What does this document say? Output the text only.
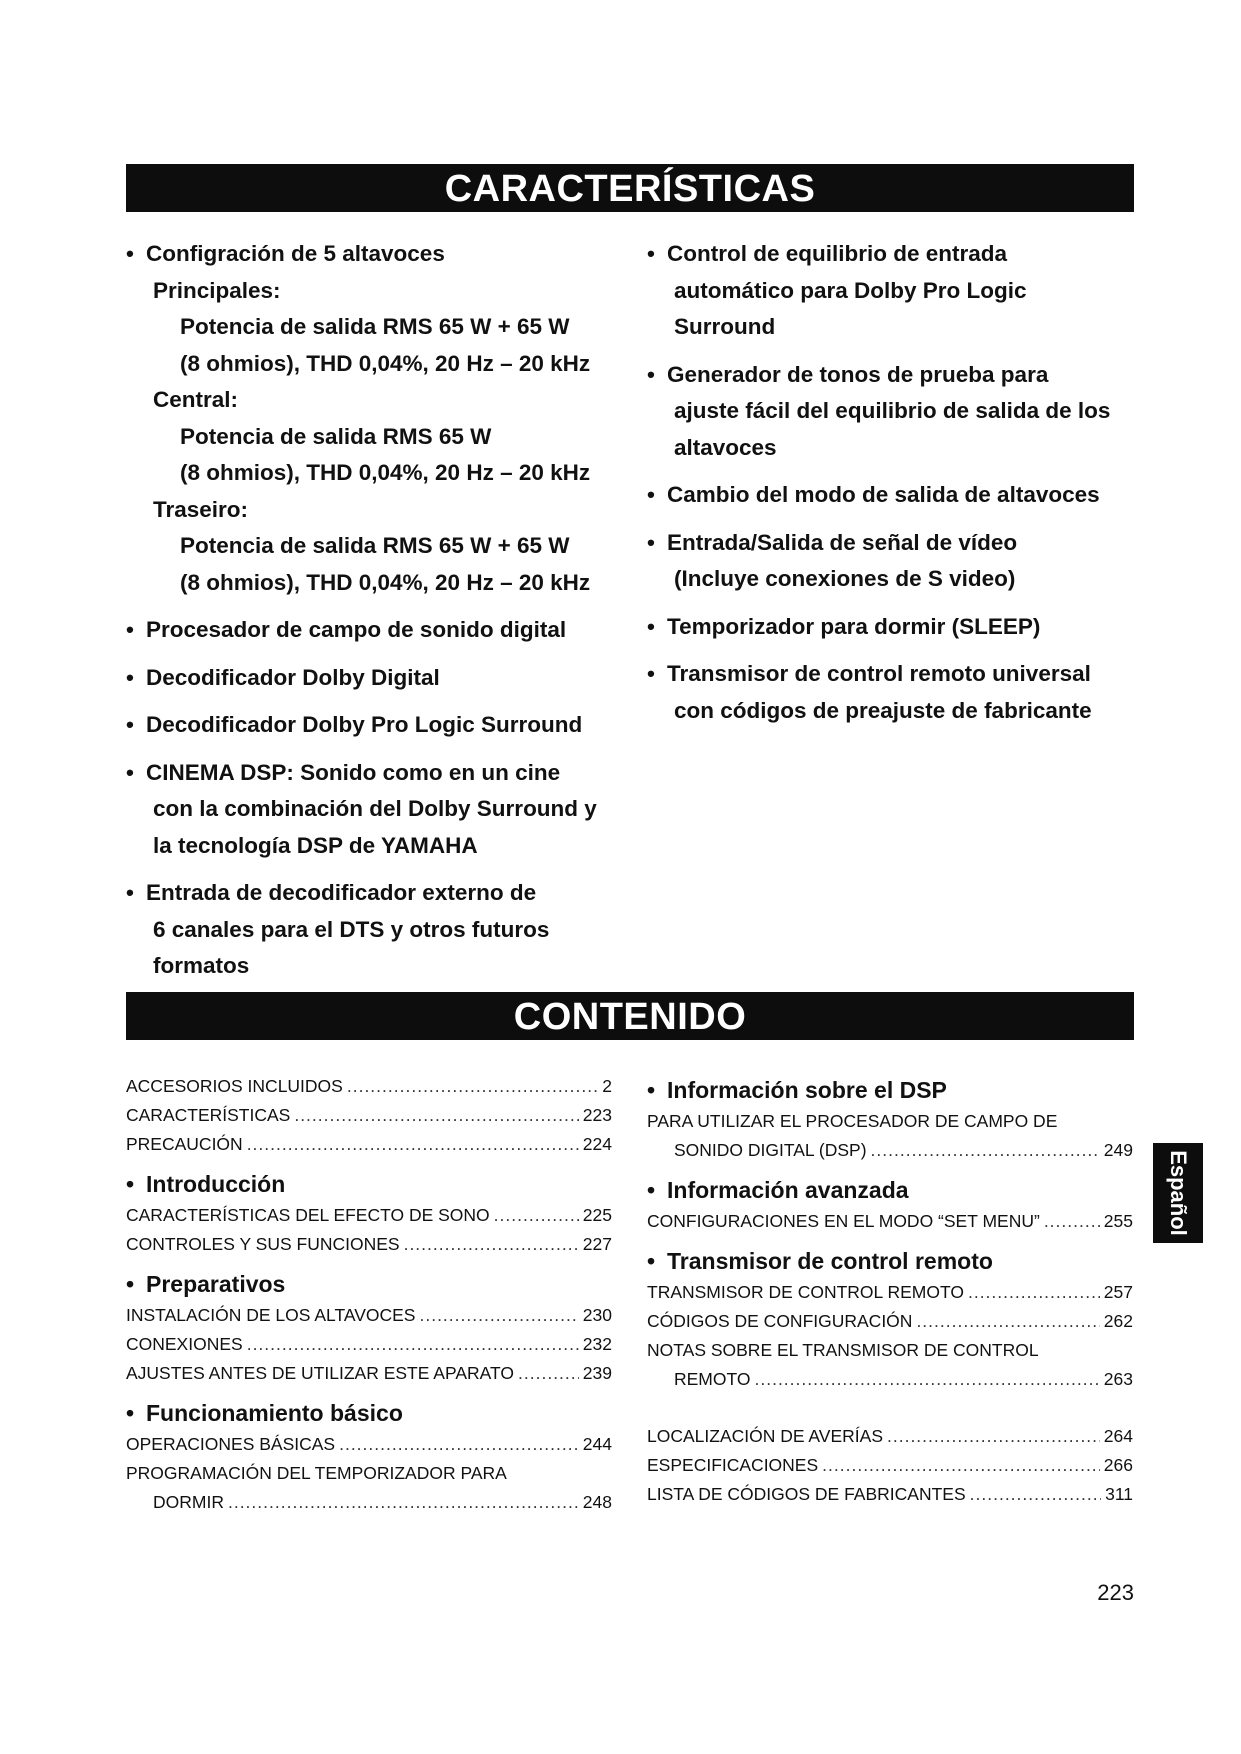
CARACTERÍSTICAS
• Configración de 5 altavoces
Principales:
Potencia de salida RMS 65 W + 65 W
(8 ohmios), THD 0,04%, 20 Hz – 20 kHz
Central:
Potencia de salida RMS 65 W
(8 ohmios), THD 0,04%, 20 Hz – 20 kHz
Traseiro:
Potencia de salida RMS 65 W + 65 W
(8 ohmios), THD 0,04%, 20 Hz – 20 kHz
• Procesador de campo de sonido digital
• Decodificador Dolby Digital
• Decodificador Dolby Pro Logic Surround
• CINEMA DSP: Sonido como en un cine
con la combinación del Dolby Surround y
la tecnología DSP de YAMAHA
• Entrada de decodificador externo de
6 canales para el DTS y otros futuros
formatos
• Control de equilibrio de entrada
automático para Dolby Pro Logic
Surround
• Generador de tonos de prueba para
ajuste fácil del equilibrio de salida de los
altavoces
• Cambio del modo de salida de altavoces
• Entrada/Salida de señal de vídeo
(Incluye conexiones de S video)
• Temporizador para dormir (SLEEP)
• Transmisor de control remoto universal
con códigos de preajuste de fabricante
CONTENIDO
ACCESORIOS INCLUIDOS .....	2
CARACTERÍSTICAS .....	223
PRECAUCIÓN .....	224
• Introducción
CARACTERÍSTICAS DEL EFECTO DE SONO .....	225
CONTROLES Y SUS FUNCIONES .....	227
• Preparativos
INSTALACIÓN DE LOS ALTAVOCES .....	230
CONEXIONES .....	232
AJUSTES ANTES DE UTILIZAR ESTE APARATO .....	239
• Funcionamiento básico
OPERACIONES BÁSICAS .....	244
PROGRAMACIÓN DEL TEMPORIZADOR PARA
DORMIR .....	248
• Información sobre el DSP
PARA UTILIZAR EL PROCESADOR DE CAMPO DE
SONIDO DIGITAL (DSP) .....	249
• Información avanzada
CONFIGURACIONES EN EL MODO “SET MENU” .....	255
• Transmisor de control remoto
TRANSMISOR DE CONTROL REMOTO .....	257
CÓDIGOS DE CONFIGURACIÓN .....	262
NOTAS SOBRE EL TRANSMISOR DE CONTROL
REMOTO .....	263
LOCALIZACIÓN DE AVERÍAS .....	264
ESPECIFICACIONES .....	266
LISTA DE CÓDIGOS DE FABRICANTES .....	311
Español
223
